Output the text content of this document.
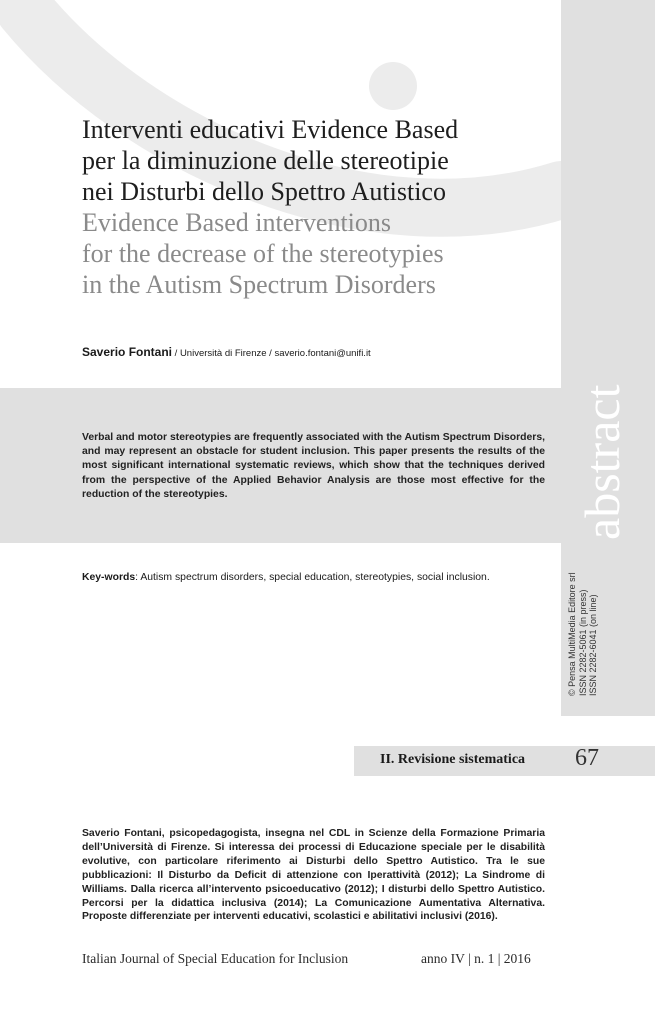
Interventi educativi Evidence Based
per la diminuzione delle stereotipie
nei Disturbi dello Spettro Autistico
Evidence Based interventions
for the decrease of the stereotypies
in the Autism Spectrum Disorders
Saverio Fontani / Università di Firenze / saverio.fontani@unifi.it
Verbal and motor stereotypies are frequently associated with the Autism Spectrum Disorders, and may represent an obstacle for student inclusion. This paper presents the results of the most significant international systematic reviews, which show that the techniques derived from the perspective of the Applied Behavior Analysis are those most effective for the reduction of the stereotypies.	abstract
Key-words: Autism spectrum disorders, special education, stereotypies, social inclusion.	© Pensa MultiMedia Editore srl ISSN 2282-5061 (in press) ISSN 2282-6041 (on line)
II. Revisione sistematica 67
Saverio Fontani, psicopedagogista, insegna nel CDL in Scienze della Formazione Primaria dell’Università di Firenze. Si interessa dei processi di Educazione speciale per le disabilità evolutive, con particolare riferimento ai Disturbi dello Spettro Autistico. Tra le sue pubblicazioni: Il Disturbo da Deficit di attenzione con Iperattività (2012); La Sindrome di Williams. Dalla ricerca all’intervento psicoeducativo (2012); I disturbi dello Spettro Autistico. Percorsi per la didattica inclusiva (2014); La Comunicazione Aumentativa Alternativa. Proposte differenziate per interventi educativi, scolastici e abilitativi inclusivi (2016).
Italian Journal of Special Education for Inclusion	anno IV | n. 1 | 2016
